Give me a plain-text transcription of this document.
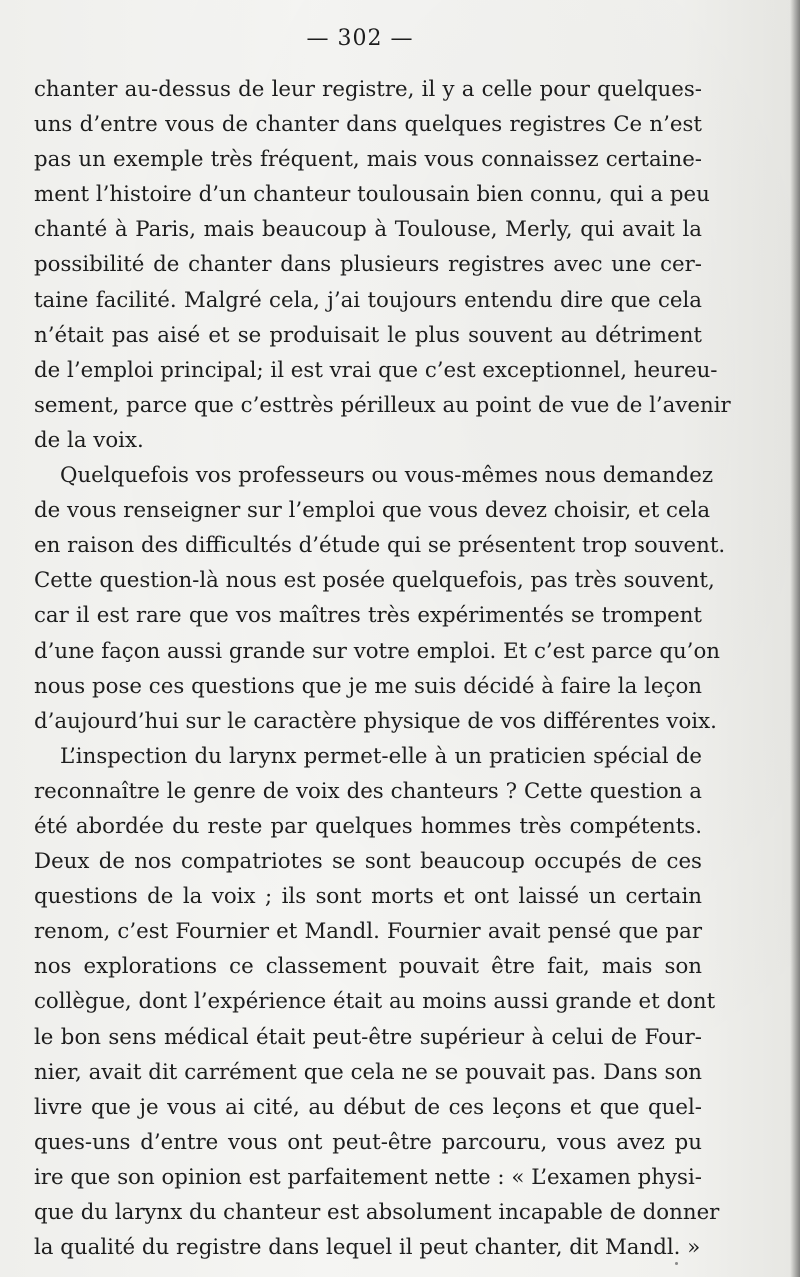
— 302 —
chanter au-dessus de leur registre, il y a celle pour quelques-
uns d’entre vous de chanter dans quelques registres Ce n’est
pas un exemple très fréquent, mais vous connaissez certaine-
ment l’histoire d’un chanteur toulousain bien connu, qui a peu
chanté à Paris, mais beaucoup à Toulouse, Merly, qui avait la
possibilité de chanter dans plusieurs registres avec une cer-
taine facilité. Malgré cela, j’ai toujours entendu dire que cela
n’était pas aisé et se produisait le plus souvent au détriment
de l’emploi principal; il est vrai que c’est exceptionnel, heureu-
sement, parce que c’esttrès périlleux au point de vue de l’avenir
de la voix.
Quelquefois vos professeurs ou vous-mêmes nous demandez
de vous renseigner sur l’emploi que vous devez choisir, et cela
en raison des difficultés d’étude qui se présentent trop souvent.
Cette question-là nous est posée quelquefois, pas très souvent,
car il est rare que vos maîtres très expérimentés se trompent
d’une façon aussi grande sur votre emploi. Et c’est parce qu’on
nous pose ces questions que je me suis décidé à faire la leçon
d’aujourd’hui sur le caractère physique de vos différentes voix.
L’inspection du larynx permet-elle à un praticien spécial de
reconnaître le genre de voix des chanteurs ? Cette question a
été abordée du reste par quelques hommes très compétents.
Deux de nos compatriotes se sont beaucoup occupés de ces
questions de la voix ; ils sont morts et ont laissé un certain
renom, c’est Fournier et Mandl. Fournier avait pensé que par
nos explorations ce classement pouvait être fait, mais son
collègue, dont l’expérience était au moins aussi grande et dont
le bon sens médical était peut-être supérieur à celui de Four-
nier, avait dit carrément que cela ne se pouvait pas. Dans son
livre que je vous ai cité, au début de ces leçons et que quel-
ques-uns d’entre vous ont peut-être parcouru, vous avez pu
ire que son opinion est parfaitement nette : « L’examen physi-
que du larynx du chanteur est absolument incapable de donner
la qualité du registre dans lequel il peut chanter, dit Mandl. »
